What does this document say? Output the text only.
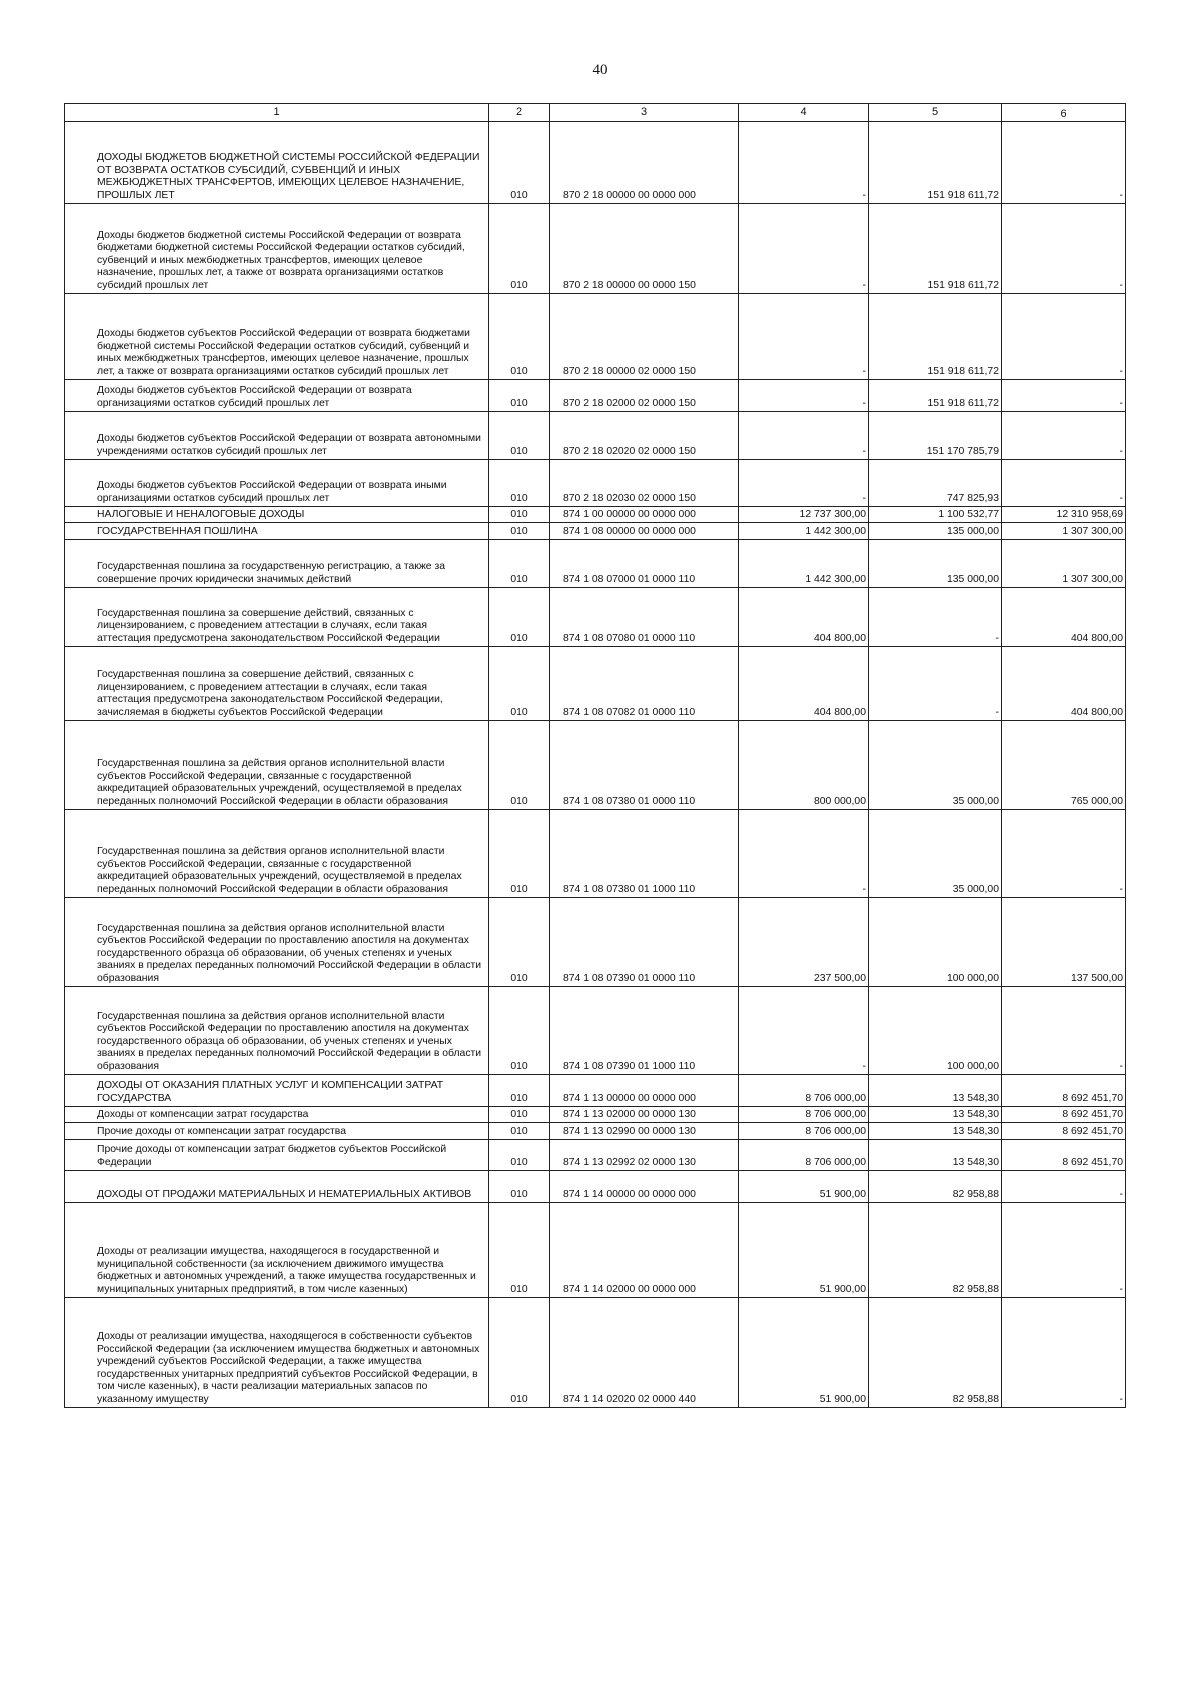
40
1	2	3	4	5	6
ДОХОДЫ БЮДЖЕТОВ БЮДЖЕТНОЙ СИСТЕМЫ РОССИЙСКОЙ ФЕДЕРАЦИИ ОТ ВОЗВРАТА ОСТАТКОВ СУБСИДИЙ, СУБВЕНЦИЙ И ИНЫХ МЕЖБЮДЖЕТНЫХ ТРАНСФЕРТОВ, ИМЕЮЩИХ ЦЕЛЕВОЕ НАЗНАЧЕНИЕ, ПРОШЛЫХ ЛЕТ	010	870 2 18 00000 00 0000 000	-	151 918 611,72	-
Доходы бюджетов бюджетной системы Российской Федерации от возврата бюджетами бюджетной системы Российской Федерации остатков субсидий, субвенций и иных межбюджетных трансфертов, имеющих целевое назначение, прошлых лет, а также от возврата организациями остатков субсидий прошлых лет	010	870 2 18 00000 00 0000 150	-	151 918 611,72	-
Доходы бюджетов субъектов Российской Федерации от возврата бюджетами бюджетной системы Российской Федерации остатков субсидий, субвенций и иных межбюджетных трансфертов, имеющих целевое назначение, прошлых лет, а также от возврата организациями остатков субсидий прошлых лет	010	870 2 18 00000 02 0000 150	-	151 918 611,72	-
Доходы бюджетов субъектов Российской Федерации от возврата организациями остатков субсидий прошлых лет	010	870 2 18 02000 02 0000 150	-	151 918 611,72	-
Доходы бюджетов субъектов Российской Федерации от возврата автономными учреждениями остатков субсидий прошлых лет	010	870 2 18 02020 02 0000 150	-	151 170 785,79	-
Доходы бюджетов субъектов Российской Федерации от возврата иными организациями остатков субсидий прошлых лет	010	870 2 18 02030 02 0000 150	-	747 825,93	-
НАЛОГОВЫЕ И НЕНАЛОГОВЫЕ ДОХОДЫ	010	874 1 00 00000 00 0000 000	12 737 300,00	1 100 532,77	12 310 958,69
ГОСУДАРСТВЕННАЯ ПОШЛИНА	010	874 1 08 00000 00 0000 000	1 442 300,00	135 000,00	1 307 300,00
Государственная пошлина за государственную регистрацию, а также за совершение прочих юридически значимых действий	010	874 1 08 07000 01 0000 110	1 442 300,00	135 000,00	1 307 300,00
Государственная пошлина за совершение действий, связанных с лицензированием, с проведением аттестации в случаях, если такая аттестация предусмотрена законодательством Российской Федерации	010	874 1 08 07080 01 0000 110	404 800,00	-	404 800,00
Государственная пошлина за совершение действий, связанных с лицензированием, с проведением аттестации в случаях, если такая аттестация предусмотрена законодательством Российской Федерации, зачисляемая в бюджеты субъектов Российской Федерации	010	874 1 08 07082 01 0000 110	404 800,00	-	404 800,00
Государственная пошлина за действия органов исполнительной власти субъектов Российской Федерации, связанные с государственной аккредитацией образовательных учреждений, осуществляемой в пределах переданных полномочий Российской Федерации в области образования	010	874 1 08 07380 01 0000 110	800 000,00	35 000,00	765 000,00
Государственная пошлина за действия органов исполнительной власти субъектов Российской Федерации, связанные с государственной аккредитацией образовательных учреждений, осуществляемой в пределах переданных полномочий Российской Федерации в области образования	010	874 1 08 07380 01 1000 110	-	35 000,00	-
Государственная пошлина за действия органов исполнительной власти субъектов Российской Федерации по проставлению апостиля на документах государственного образца об образовании, об ученых степенях и ученых званиях в пределах переданных полномочий Российской Федерации в области образования	010	874 1 08 07390 01 0000 110	237 500,00	100 000,00	137 500,00
Государственная пошлина за действия органов исполнительной власти субъектов Российской Федерации по проставлению апостиля на документах государственного образца об образовании, об ученых степенях и ученых званиях в пределах переданных полномочий Российской Федерации в области образования	010	874 1 08 07390 01 1000 110	-	100 000,00	-
ДОХОДЫ ОТ ОКАЗАНИЯ ПЛАТНЫХ УСЛУГ И КОМПЕНСАЦИИ ЗАТРАТ ГОСУДАРСТВА	010	874 1 13 00000 00 0000 000	8 706 000,00	13 548,30	8 692 451,70
Доходы от компенсации затрат государства	010	874 1 13 02000 00 0000 130	8 706 000,00	13 548,30	8 692 451,70
Прочие доходы от компенсации затрат государства	010	874 1 13 02990 00 0000 130	8 706 000,00	13 548,30	8 692 451,70
Прочие доходы от компенсации затрат бюджетов субъектов Российской Федерации	010	874 1 13 02992 02 0000 130	8 706 000,00	13 548,30	8 692 451,70
ДОХОДЫ ОТ ПРОДАЖИ МАТЕРИАЛЬНЫХ И НЕМАТЕРИАЛЬНЫХ АКТИВОВ	010	874 1 14 00000 00 0000 000	51 900,00	82 958,88	-
Доходы от реализации имущества, находящегося в государственной и муниципальной собственности (за исключением движимого имущества бюджетных и автономных учреждений, а также имущества государственных и муниципальных унитарных предприятий, в том числе казенных)	010	874 1 14 02000 00 0000 000	51 900,00	82 958,88	-
Доходы от реализации имущества, находящегося в собственности субъектов Российской Федерации (за исключением имущества бюджетных и автономных учреждений субъектов Российской Федерации, а также имущества государственных унитарных предприятий субъектов Российской Федерации, в том числе казенных), в части реализации материальных запасов по указанному имуществу	010	874 1 14 02020 02 0000 440	51 900,00	82 958,88	-
